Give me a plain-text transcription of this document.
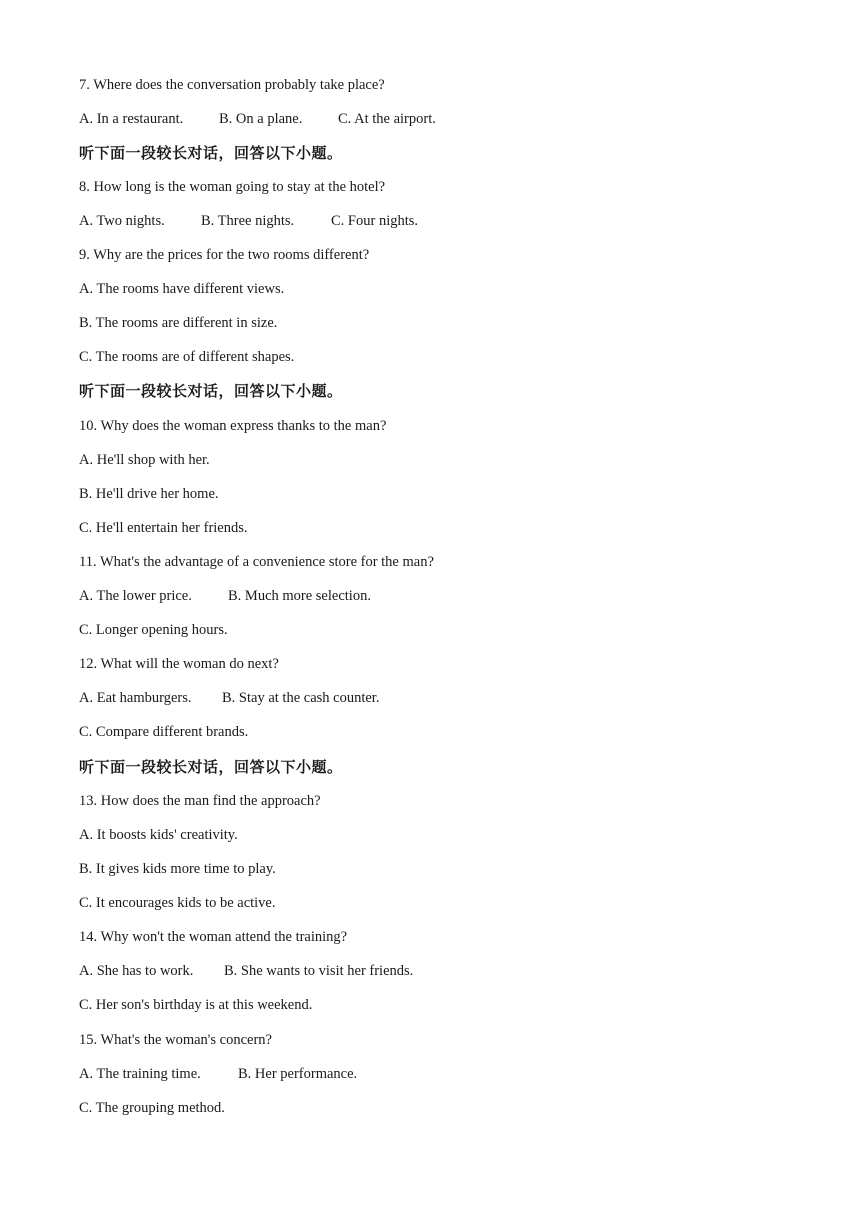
7. Where does the conversation probably take place?
A. In a restaurant. B. On a plane. C. At the airport.
听下面一段较长对话，回答以下小题。
8. How long is the woman going to stay at the hotel?
A. Two nights.	B. Three nights.	C. Four nights.
9. Why are the prices for the two rooms different?
A. The rooms have different views.
B. The rooms are different in size.
C. The rooms are of different shapes.
听下面一段较长对话，回答以下小题。
10. Why does the woman express thanks to the man?
A. He'll shop with her.
B. He'll drive her home.
C. He'll entertain her friends.
11. What's the advantage of a convenience store for the man?
A. The lower price. B. Much more selection.
C. Longer opening hours.
12. What will the woman do next?
A. Eat hamburgers. B. Stay at the cash counter.
C. Compare different brands.
听下面一段较长对话，回答以下小题。
13. How does the man find the approach?
A. It boosts kids' creativity.
B. It gives kids more time to play.
C. It encourages kids to be active.
14. Why won't the woman attend the training?
A. She has to work. B. She wants to visit her friends.
C. Her son's birthday is at this weekend.
15. What's the woman's concern?
A. The training time.	B. Her performance.
C. The grouping method.
